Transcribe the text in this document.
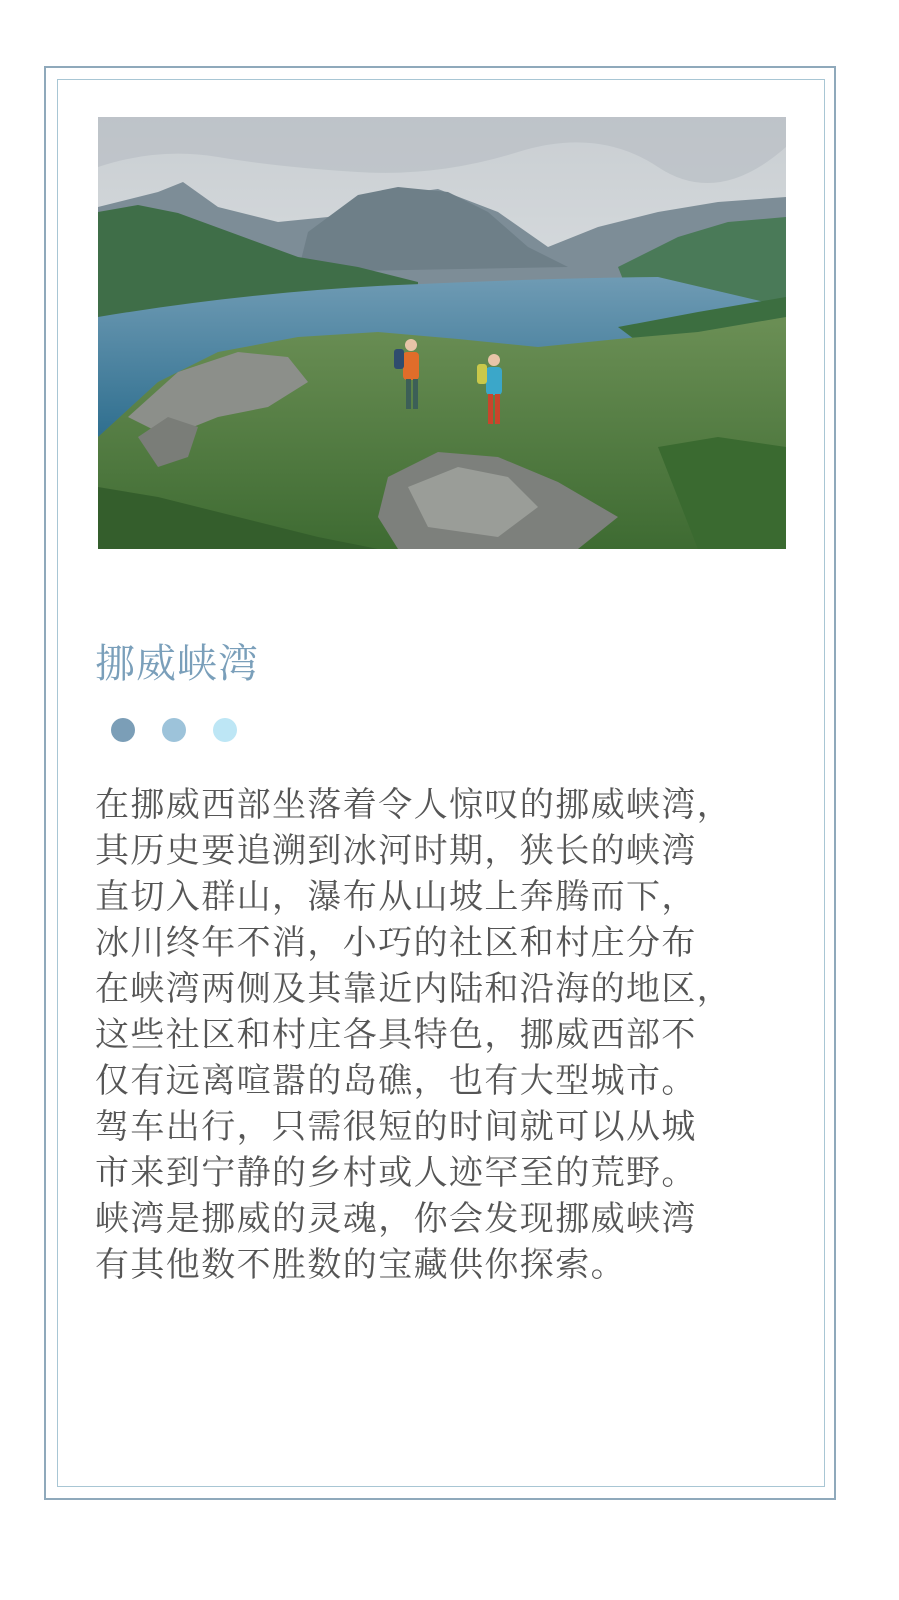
挪威峡湾

在挪威西部坐落着令人惊叹的挪威峡湾，
其历史要追溯到冰河时期，狭长的峡湾
直切入群山，瀑布从山坡上奔腾而下，
冰川终年不消，小巧的社区和村庄分布
在峡湾两侧及其靠近内陆和沿海的地区，
这些社区和村庄各具特色，挪威西部不
仅有远离喧嚣的岛礁，也有大型城市。
驾车出行，只需很短的时间就可以从城
市来到宁静的乡村或人迹罕至的荒野。
峡湾是挪威的灵魂，你会发现挪威峡湾
有其他数不胜数的宝藏供你探索。
